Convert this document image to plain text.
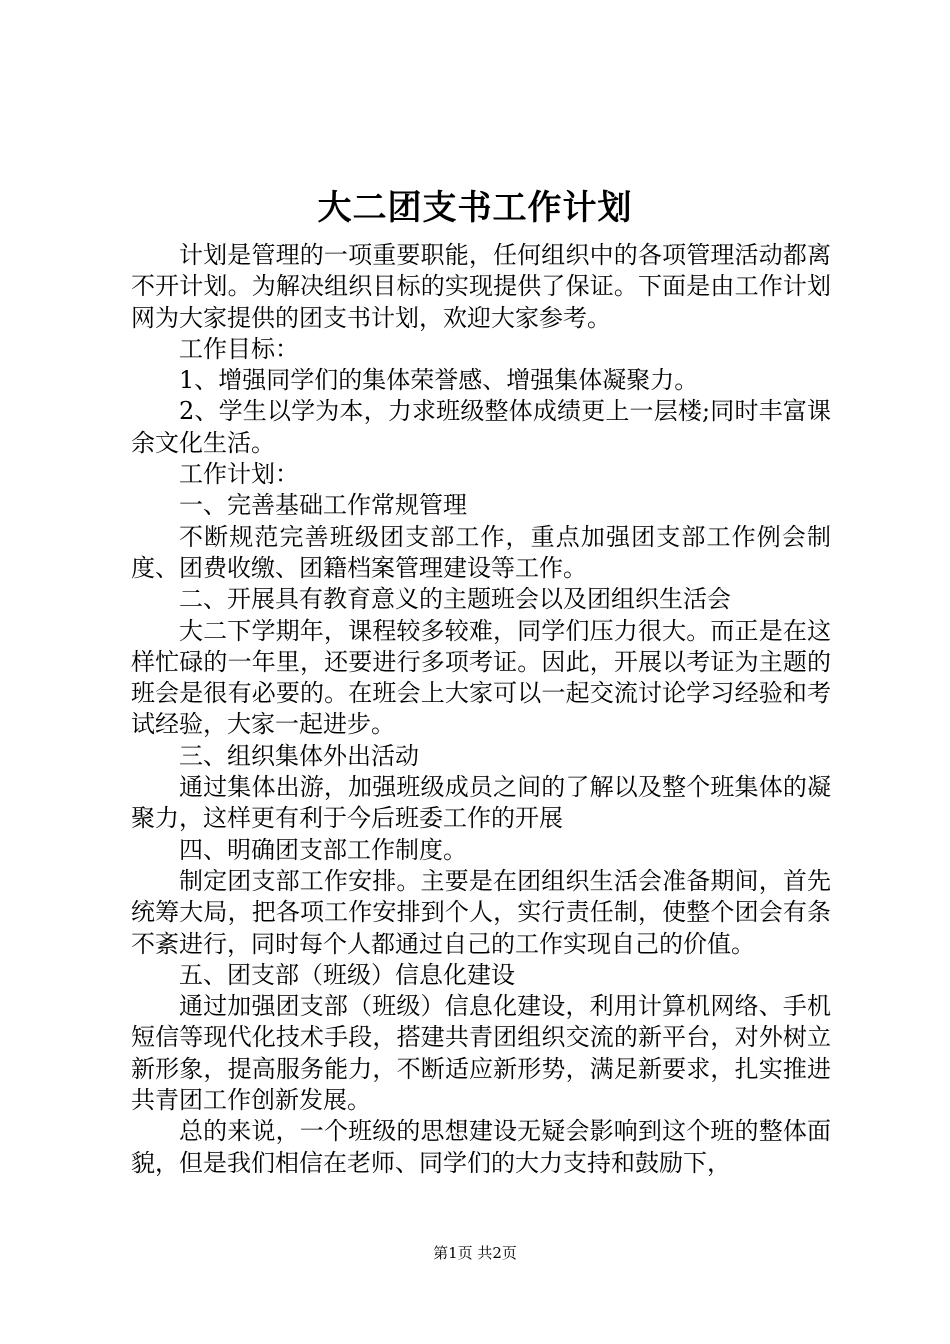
大二团支书工作计划

计划是管理的一项重要职能，任何组织中的各项管理活动都离不开计划。为解决组织目标的实现提供了保证。下面是由工作计划网为大家提供的团支书计划，欢迎大家参考。

工作目标：

1、增强同学们的集体荣誉感、增强集体凝聚力。

2、学生以学为本，力求班级整体成绩更上一层楼;同时丰富课余文化生活。

工作计划：

一、完善基础工作常规管理

不断规范完善班级团支部工作，重点加强团支部工作例会制度、团费收缴、团籍档案管理建设等工作。

二、开展具有教育意义的主题班会以及团组织生活会

大二下学期年，课程较多较难，同学们压力很大。而正是在这样忙碌的一年里，还要进行多项考证。因此，开展以考证为主题的班会是很有必要的。在班会上大家可以一起交流讨论学习经验和考试经验，大家一起进步。

三、组织集体外出活动

通过集体出游，加强班级成员之间的了解以及整个班集体的凝聚力，这样更有利于今后班委工作的开展

四、明确团支部工作制度。

制定团支部工作安排。主要是在团组织生活会准备期间，首先统筹大局，把各项工作安排到个人，实行责任制，使整个团会有条不紊进行，同时每个人都通过自己的工作实现自己的价值。

五、团支部（班级）信息化建设

通过加强团支部（班级）信息化建设，利用计算机网络、手机短信等现代化技术手段，搭建共青团组织交流的新平台，对外树立新形象，提高服务能力，不断适应新形势，满足新要求，扎实推进共青团工作创新发展。

总的来说，一个班级的思想建设无疑会影响到这个班的整体面貌，但是我们相信在老师、同学们的大力支持和鼓励下，

第1页 共2页
